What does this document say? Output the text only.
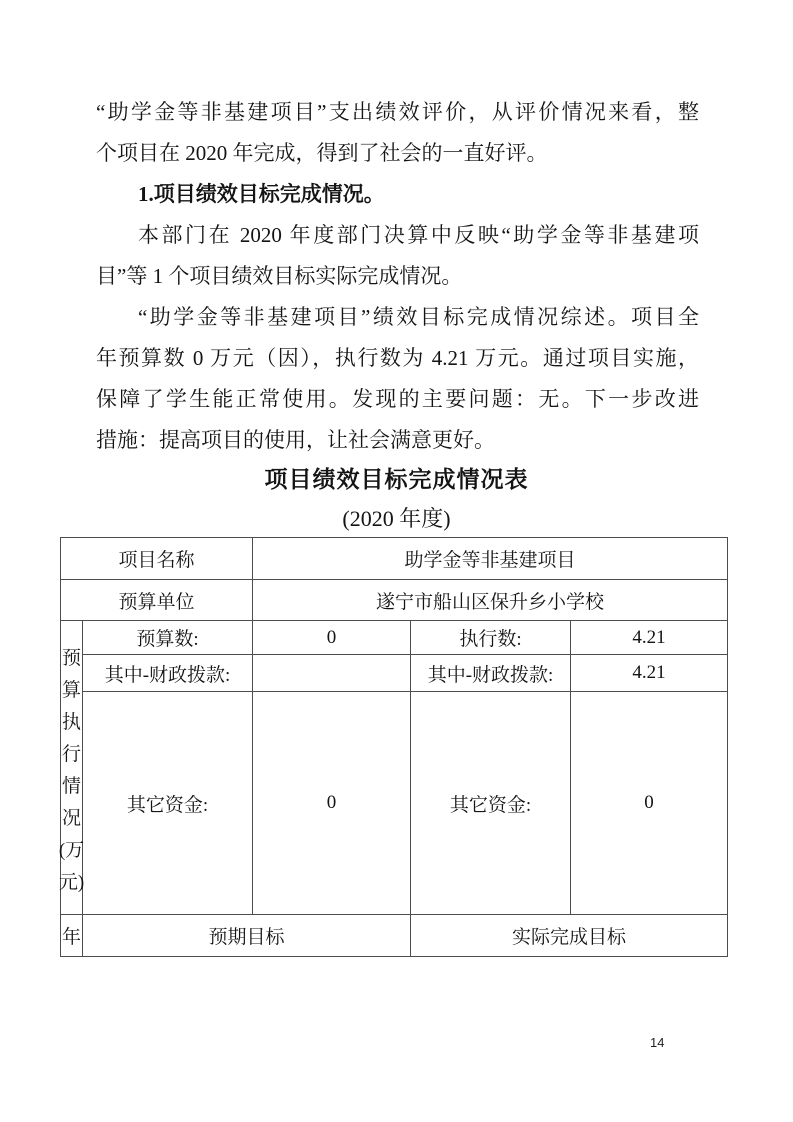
“助学金等非基建项目”支出绩效评价，从评价情况来看，整
个项目在 2020 年完成，得到了社会的一直好评。
1.项目绩效目标完成情况。
本部门在 2020 年度部门决算中反映“助学金等非基建项
目”等 1 个项目绩效目标实际完成情况。
“助学金等非基建项目”绩效目标完成情况综述。项目全
年预算数 0 万元（因），执行数为 4.21 万元。通过项目实施，
保障了学生能正常使用。发现的主要问题：无。下一步改进
措施：提高项目的使用，让社会满意更好。
项目绩效目标完成情况表
(2020 年度)
项目名称		助学金等非基建项目		
预算单位		遂宁市船山区保升乡小学校		

预
算
执
行
情
况
(万
元)
	预算数:	0	执行数:	4.21
	其中-财政拨款:		其中-财政拨款:	4.21
	其它资金:	0	其它资金:	0
年	预期目标		实际完成目标	
14
